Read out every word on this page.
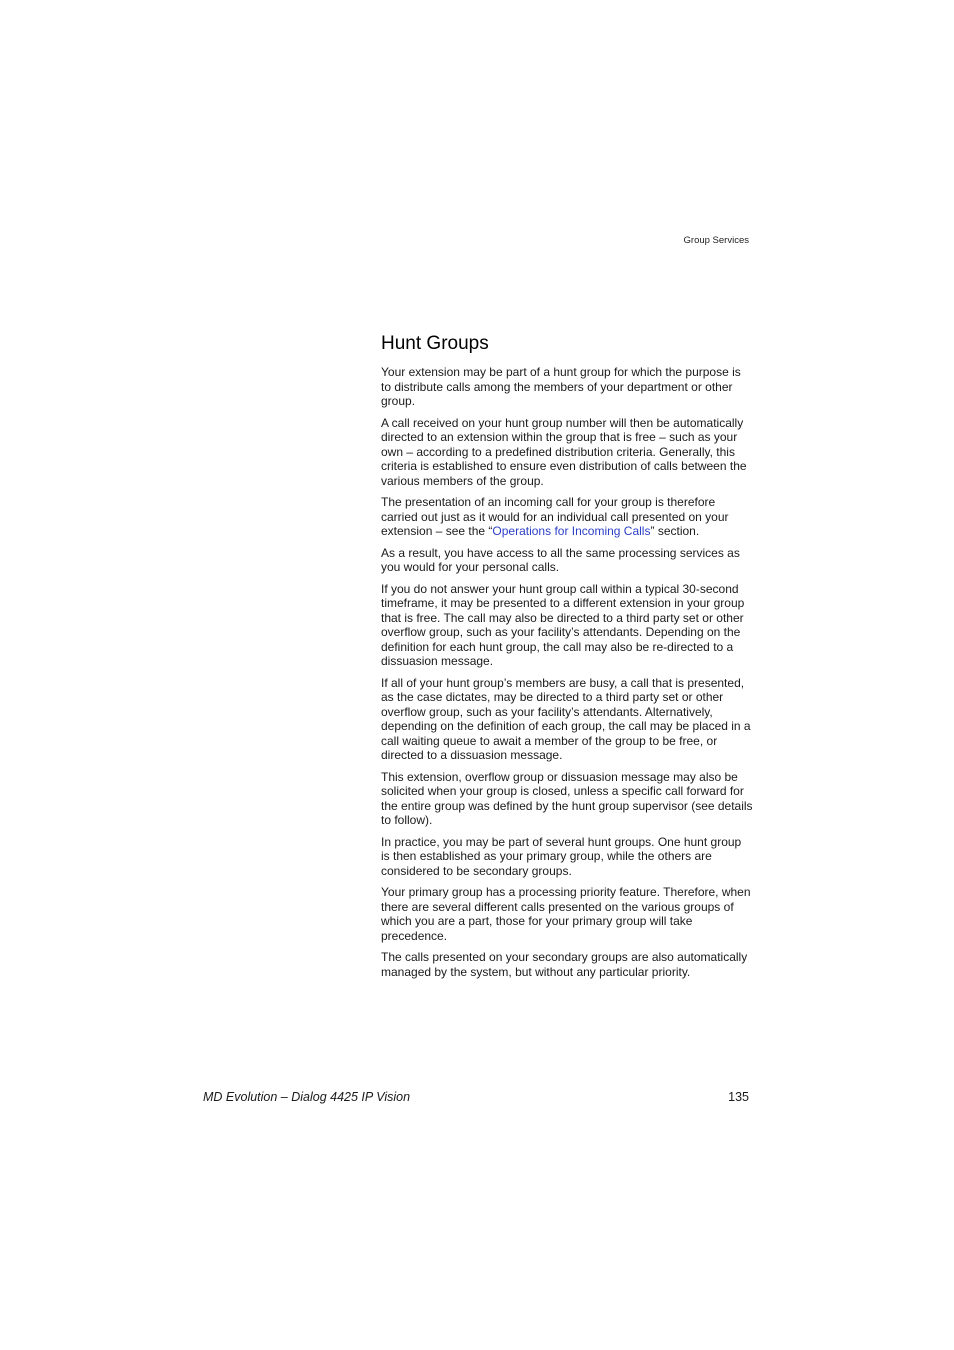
Group Services
Hunt Groups

Your extension may be part of a hunt group for which the purpose is to distribute calls among the members of your department or other group.

A call received on your hunt group number will then be automatically directed to an extension within the group that is free – such as your own – according to a predefined distribution criteria. Generally, this criteria is established to ensure even distribution of calls between the various members of the group.

The presentation of an incoming call for your group is therefore carried out just as it would for an individual call presented on your extension – see the “Operations for Incoming Calls” section.

As a result, you have access to all the same processing services as you would for your personal calls.

If you do not answer your hunt group call within a typical 30-second timeframe, it may be presented to a different extension in your group that is free. The call may also be directed to a third party set or other overflow group, such as your facility’s attendants. Depending on the definition for each hunt group, the call may also be re-directed to a dissuasion message.

If all of your hunt group’s members are busy, a call that is presented, as the case dictates, may be directed to a third party set or other overflow group, such as your facility’s attendants. Alternatively, depending on the definition of each group, the call may be placed in a call waiting queue to await a member of the group to be free, or directed to a dissuasion message.

This extension, overflow group or dissuasion message may also be solicited when your group is closed, unless a specific call forward for the entire group was defined by the hunt group supervisor (see details to follow).

In practice, you may be part of several hunt groups. One hunt group is then established as your primary group, while the others are considered to be secondary groups.

Your primary group has a processing priority feature. Therefore, when there are several different calls presented on the various groups of which you are a part, those for your primary group will take precedence.

The calls presented on your secondary groups are also automatically managed by the system, but without any particular priority.

MD Evolution – Dialog 4425 IP Vision	135
